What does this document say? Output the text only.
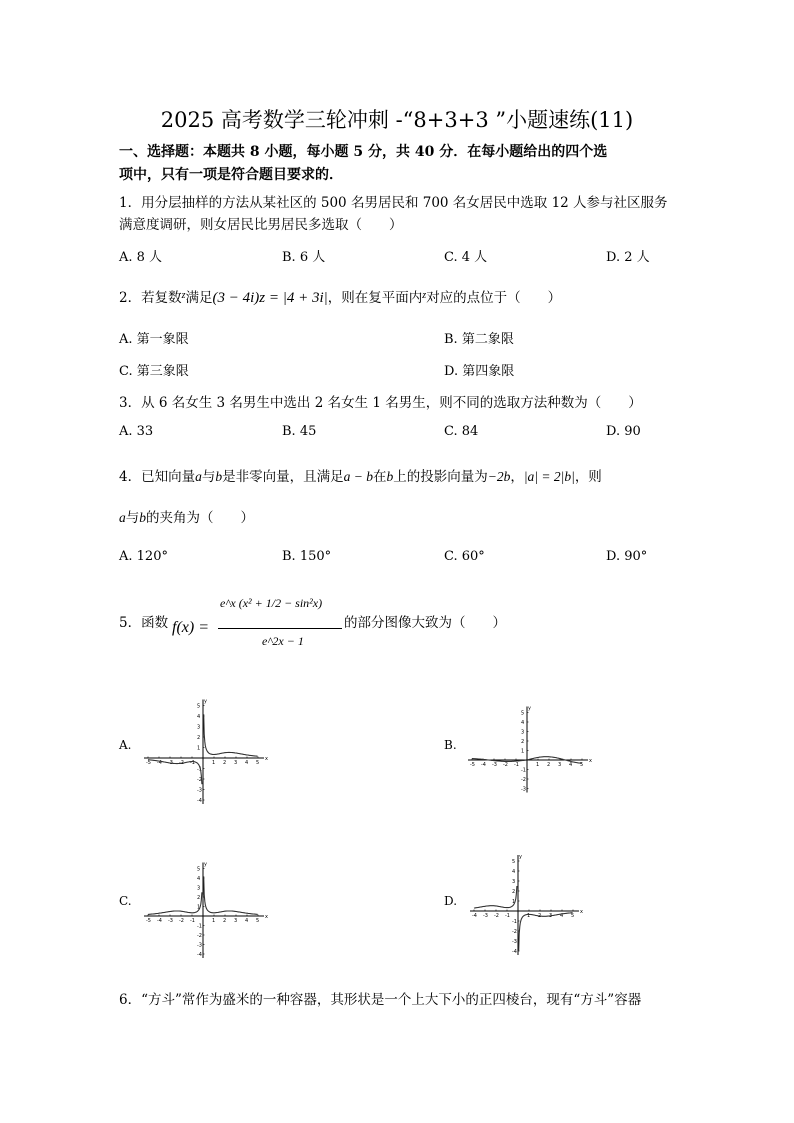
2025 高考数学三轮冲刺 -“8+3+3 ”小题速练(11)
一、选择题：本题共 8 小题，每小题 5 分，共 40 分．在每小题给出的四个选
项中，只有一项是符合题目要求的．
1．用分层抽样的方法从某社区的 500 名男居民和 700 名女居民中选取 12 人参与社区服务
满意度调研，则女居民比男居民多选取（　　）
A. 8 人	B. 6 人	C. 4 人	D. 2 人
2．若复数$^z$满足(3 − 4i)z = |4 + 3i|，则在复平面内$^z$对应的点位于（　　）
A. 第一象限	B. 第二象限
C. 第三象限	D. 第四象限
3．从 6 名女生 3 名男生中选出 2 名女生 1 名男生，则不同的选取方法种数为（　　）
A. 33	B. 45	C. 84	D. 90
4．已知向量a与b是非零向量，且满足a − b在b上的投影向量为−2b，|a| = 2|b|，则
a与b的夹角为（　　）
A. 120°	B. 150°	C. 60°	D. 90°
5．函数 f(x) =
e^x (x² + 1/2 − sin²x)
e^2x − 1
的部分图像大致为（　　）
A.	B.
C.	D.
x
y
-5 -4 -3 -2 -1	1 2 3 4 5
-4
-3
-2
-1
1
2
3
4
5
x
y
-5 -4 -3 -2 -1	1 2 3 4 5
-3
-2
-1
1
2
3
4
5
x
y
-5 -4 -3 -2 -1	1 2 3 4 5
-4
-3
-2
-1
1
2
3
4
5
x
y
-4 -3 -2 -1	1 2 3 4 5
-4
-3
-2
-1
1
2
3
4
5
6．“方斗”常作为盛米的一种容器，其形状是一个上大下小的正四棱台，现有“方斗”容器
